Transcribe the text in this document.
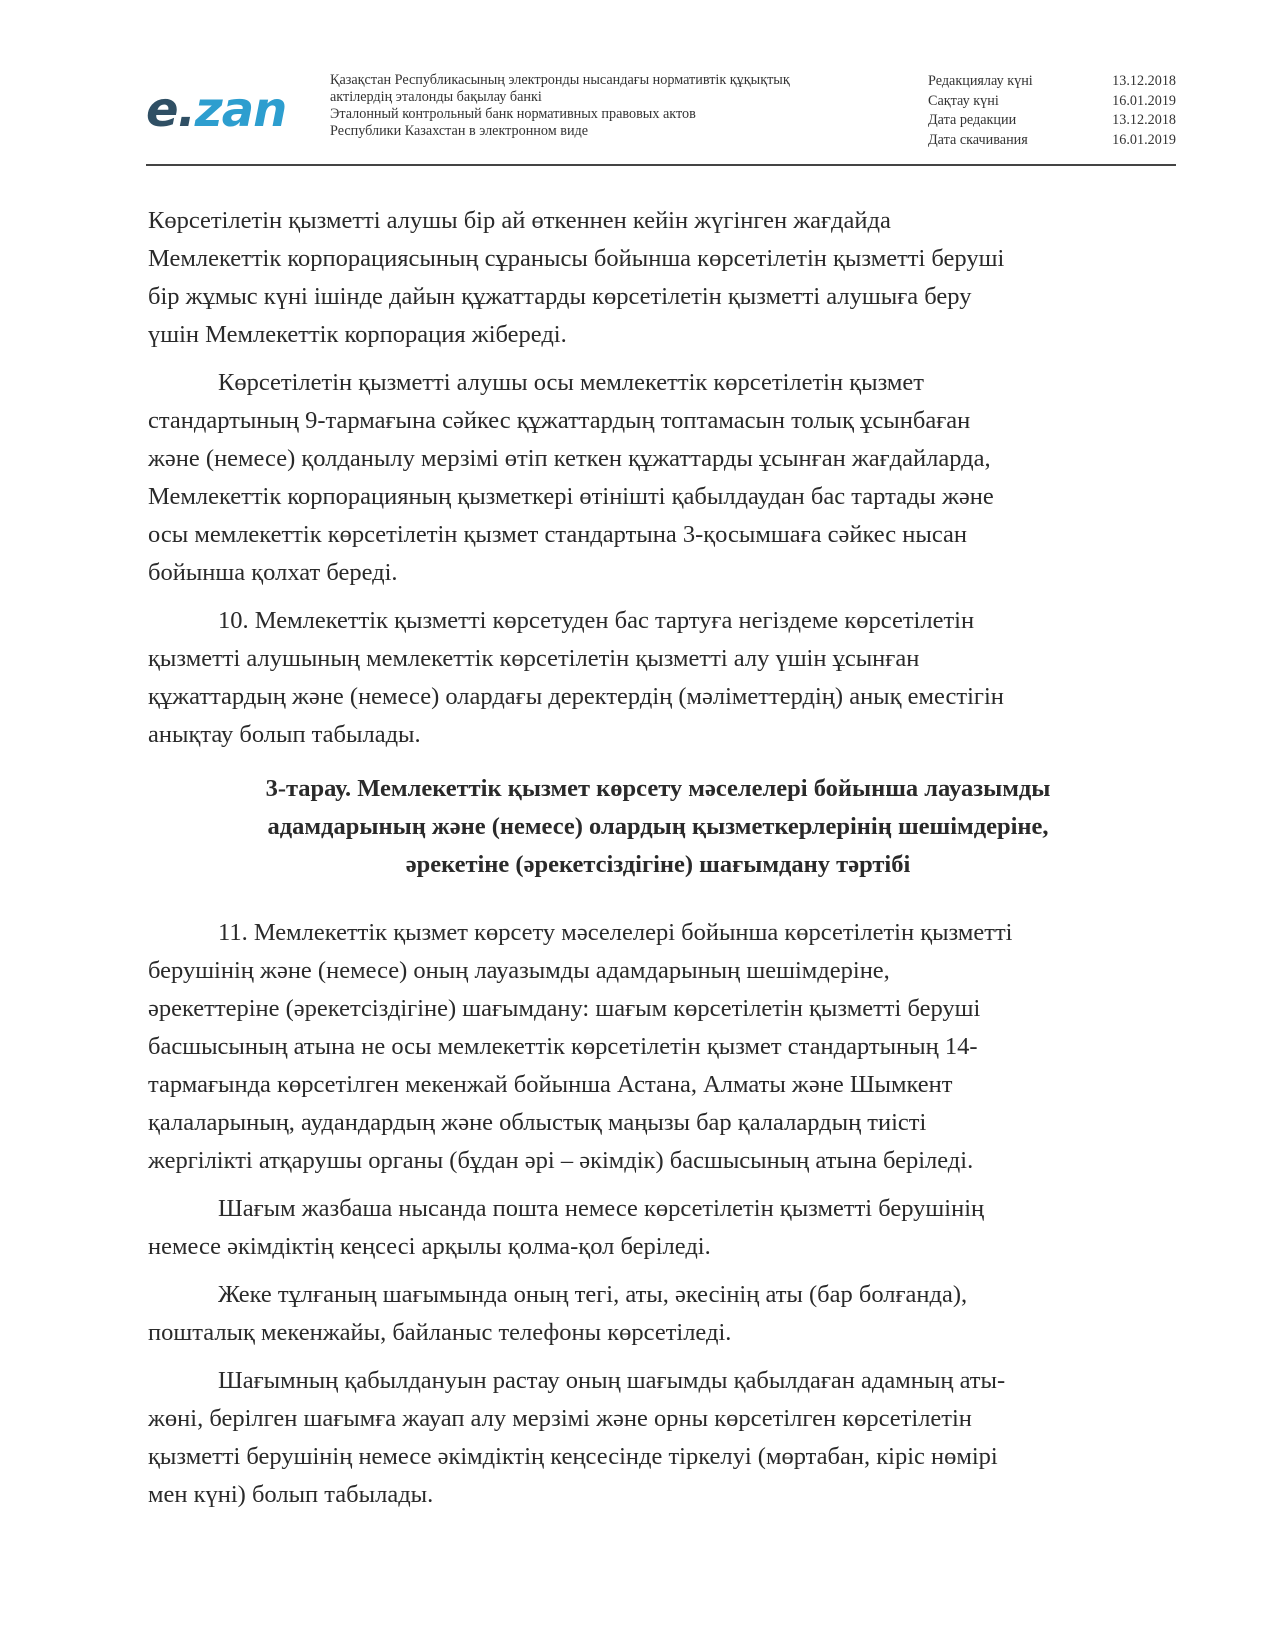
e.zan
Қазақстан Республикасының электронды нысандағы нормативтік құқықтық
актілердің эталонды бақылау банкі
Эталонный контрольный банк нормативных правовых актов
Республики Казахстан в электронном виде
Редакциялау күні	13.12.2018
Сақтау күні	16.01.2019
Дата редакции	13.12.2018
Дата скачивания	16.01.2019
Көрсетілетін қызметті алушы бір ай өткеннен кейін жүгінген жағдайда
Мемлекеттік корпорациясының сұранысы бойынша көрсетілетін қызметті беруші
бір жұмыс күні ішінде дайын құжаттарды көрсетілетін қызметті алушыға беру
үшін Мемлекеттік корпорация жібереді.
Көрсетілетін қызметті алушы осы мемлекеттік көрсетілетін қызмет
стандартының 9-тармағына сәйкес құжаттардың топтамасын толық ұсынбаған
және (немесе) қолданылу мерзімі өтіп кеткен құжаттарды ұсынған жағдайларда,
Мемлекеттік корпорацияның қызметкері өтінішті қабылдаудан бас тартады және
осы мемлекеттік көрсетілетін қызмет стандартына 3-қосымшаға сәйкес нысан
бойынша қолхат береді.
10. Мемлекеттік қызметті көрсетуден бас тартуға негіздеме көрсетілетін
қызметті алушының мемлекеттік көрсетілетін қызметті алу үшін ұсынған
құжаттардың және (немесе) олардағы деректердің (мәліметтердің) анық еместігін
анықтау болып табылады.
3-тарау. Мемлекеттік қызмет көрсету мәселелері бойынша лауазымды
адамдарының және (немесе) олардың қызметкерлерінің шешімдеріне,
әрекетіне (әрекетсіздігіне) шағымдану тәртібі
11. Мемлекеттік қызмет көрсету мәселелері бойынша көрсетілетін қызметті
берушінің және (немесе) оның лауазымды адамдарының шешімдеріне,
әрекеттеріне (әрекетсіздігіне) шағымдану: шағым көрсетілетін қызметті беруші
басшысының атына не осы мемлекеттік көрсетілетін қызмет стандартының 14-
тармағында көрсетілген мекенжай бойынша Астана, Алматы және Шымкент
қалаларының, аудандардың және облыстық маңызы бар қалалардың тиісті
жергілікті атқарушы органы (бұдан әрі – әкімдік) басшысының атына беріледі.
Шағым жазбаша нысанда пошта немесе көрсетілетін қызметті берушінің
немесе әкімдіктің кеңсесі арқылы қолма-қол беріледі.
Жеке тұлғаның шағымында оның тегі, аты, әкесінің аты (бар болғанда),
пошталық мекенжайы, байланыс телефоны көрсетіледі.
Шағымның қабылдануын растау оның шағымды қабылдаған адамның аты-
жөні, берілген шағымға жауап алу мерзімі және орны көрсетілген көрсетілетін
қызметті берушінің немесе әкімдіктің кеңсесінде тіркелуі (мөртабан, кіріс нөмірі
мен күні) болып табылады.
